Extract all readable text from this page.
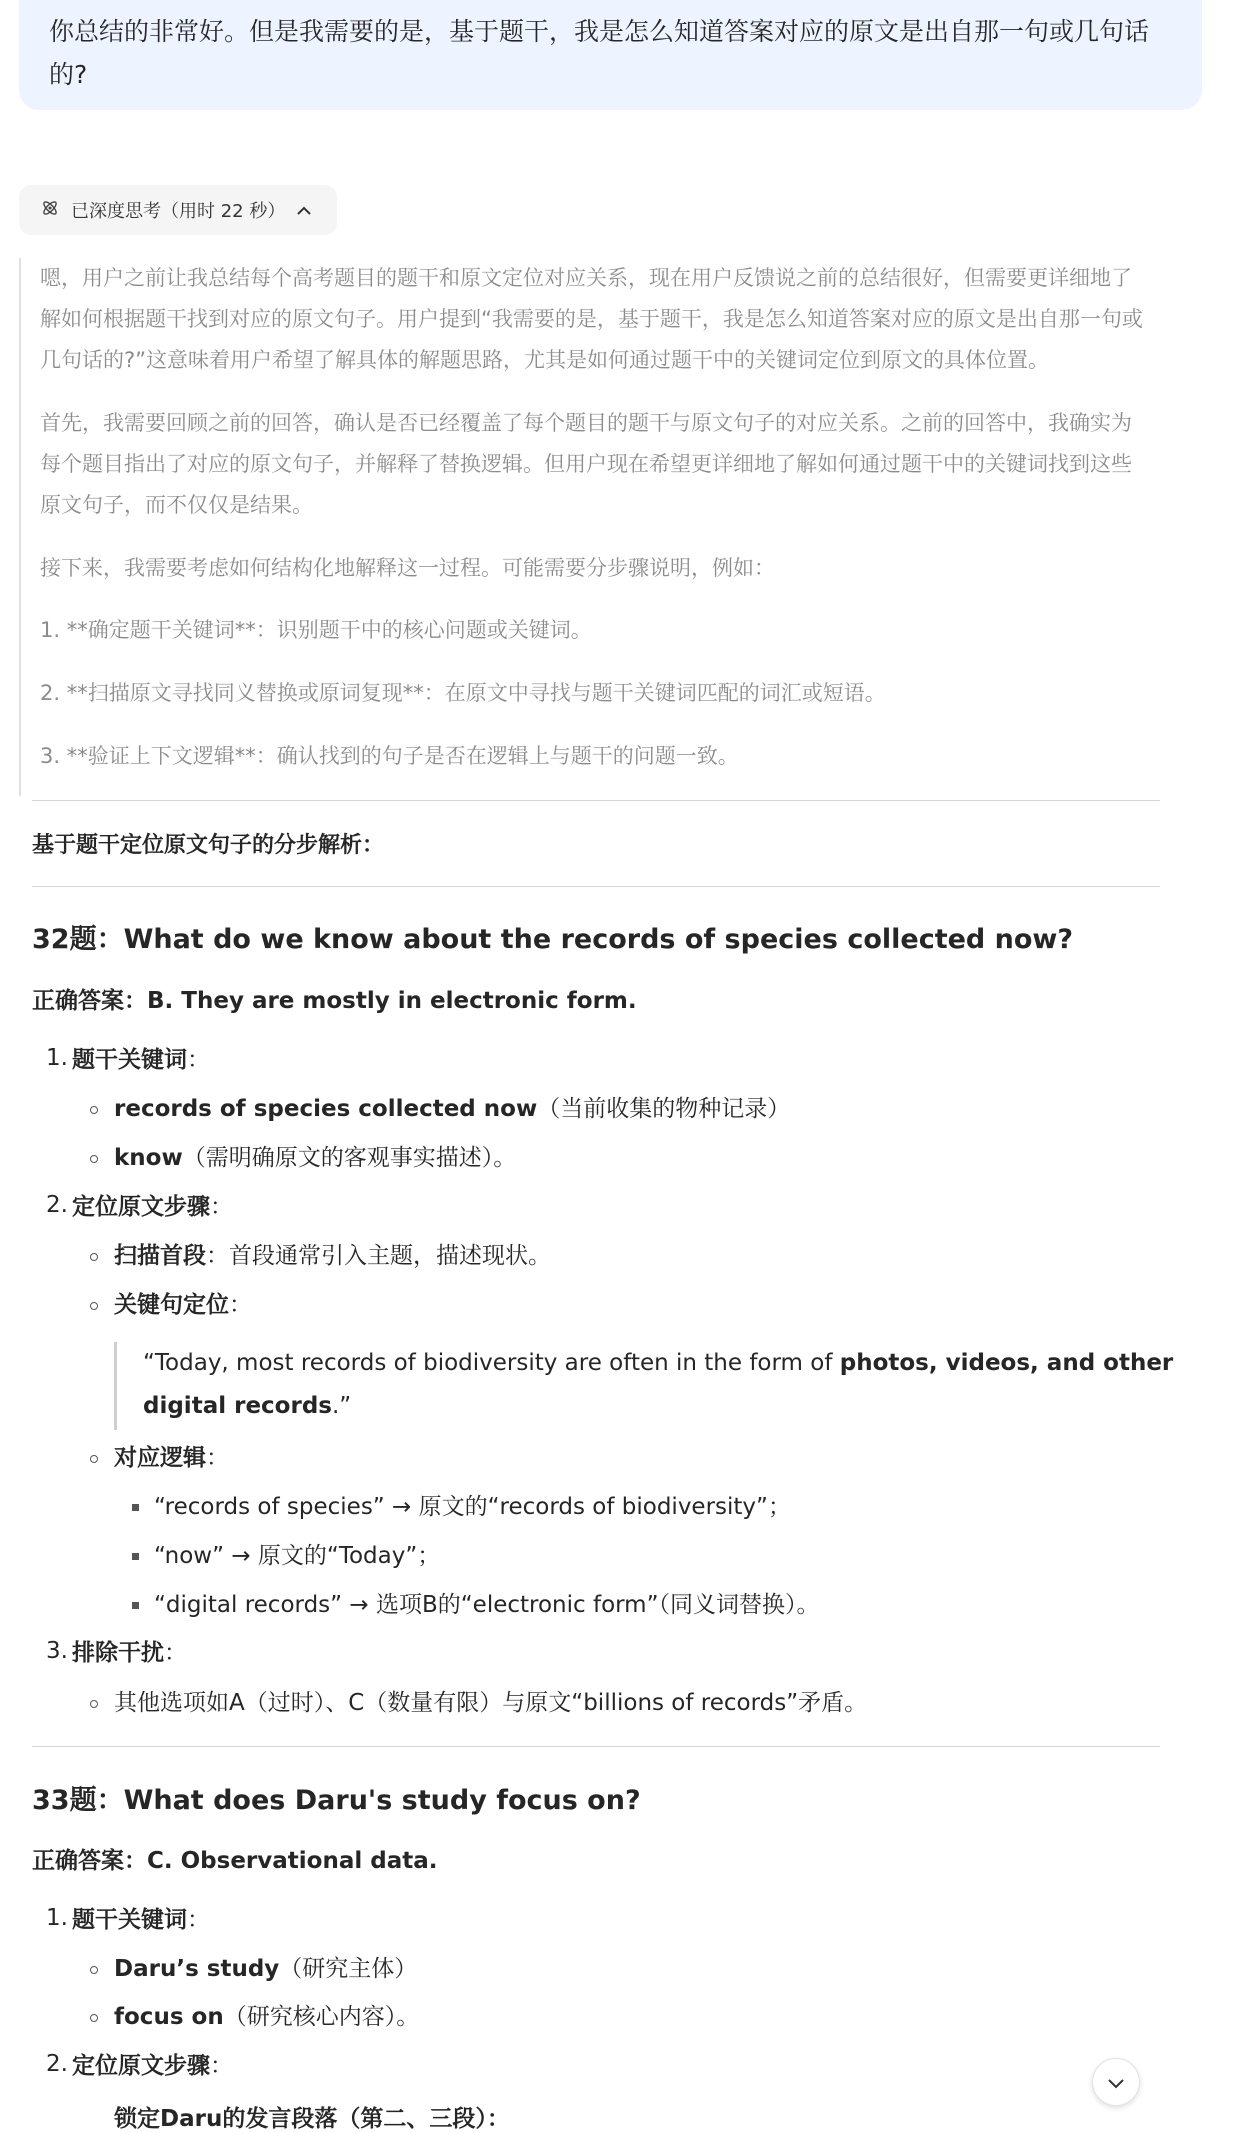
你总结的非常好。但是我需要的是，基于题干，我是怎么知道答案对应的原文是出自那一句或几句话
的?
已深度思考（用时 22 秒）

嗯，用户之前让我总结每个高考题目的题干和原文定位对应关系，现在用户反馈说之前的总结很好，但需要更详细地了

解如何根据题干找到对应的原文句子。用户提到“我需要的是，基于题干，我是怎么知道答案对应的原文是出自那一句或

几句话的?”这意味着用户希望了解具体的解题思路，尤其是如何通过题干中的关键词定位到原文的具体位置。

首先，我需要回顾之前的回答，确认是否已经覆盖了每个题目的题干与原文句子的对应关系。之前的回答中，我确实为

每个题目指出了对应的原文句子，并解释了替换逻辑。但用户现在希望更详细地了解如何通过题干中的关键词找到这些

原文句子，而不仅仅是结果。

接下来，我需要考虑如何结构化地解释这一过程。可能需要分步骤说明，例如：

1. **确定题干关键词**：识别题干中的核心问题或关键词。

2. **扫描原文寻找同义替换或原词复现**：在原文中寻找与题干关键词匹配的词汇或短语。

3. **验证上下文逻辑**：确认找到的句子是否在逻辑上与题干的问题一致。

基于题干定位原文句子的分步解析：
32题：What do we know about the records of species collected now?
正确答案：B. They are mostly in electronic form.
1. 题干关键词：
records of species collected now（当前收集的物种记录）
know（需明确原文的客观事实描述）。
2. 定位原文步骤：
扫描首段：首段通常引入主题，描述现状。
关键句定位：
“Today, most records of biodiversity are often in the form of photos, videos, and other
digital records.”
对应逻辑：
“records of species” → 原文的“records of biodiversity”；
“now” → 原文的“Today”；
“digital records” → 选项B的“electronic form”（同义词替换）。
3. 排除干扰：
其他选项如A（过时）、C（数量有限）与原文“billions of records”矛盾。
33题：What does Daru's study focus on?
正确答案：C. Observational data.
1. 题干关键词：
Daru’s study（研究主体）
focus on（研究核心内容）。
2. 定位原文步骤：
锁定Daru的发言段落（第二、三段）：
